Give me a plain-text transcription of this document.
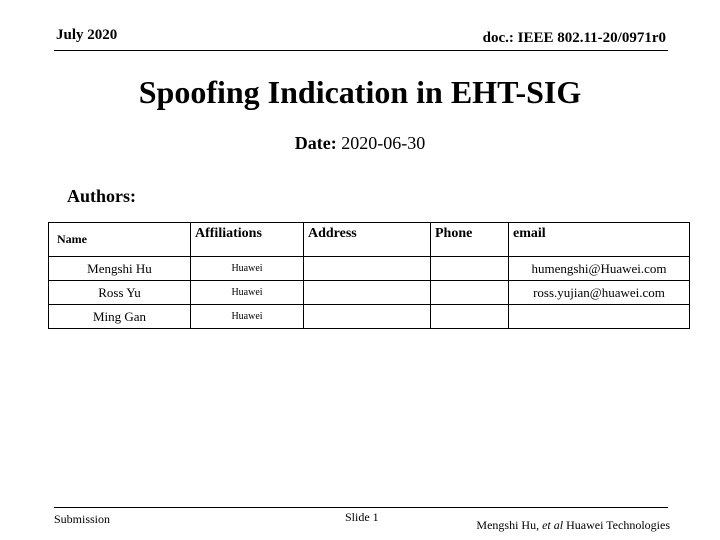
July 2020	doc.: IEEE 802.11-20/0971r0
Spoofing Indication in EHT-SIG
Date: 2020-06-30
Authors:
Name	Affiliations	Address	Phone	email
Mengshi Hu	Huawei			humengshi@Huawei.com
Ross Yu	Huawei			ross.yujian@huawei.com
Ming Gan	Huawei			
Submission	Slide 1
Mengshi Hu, et al Huawei Technologies
